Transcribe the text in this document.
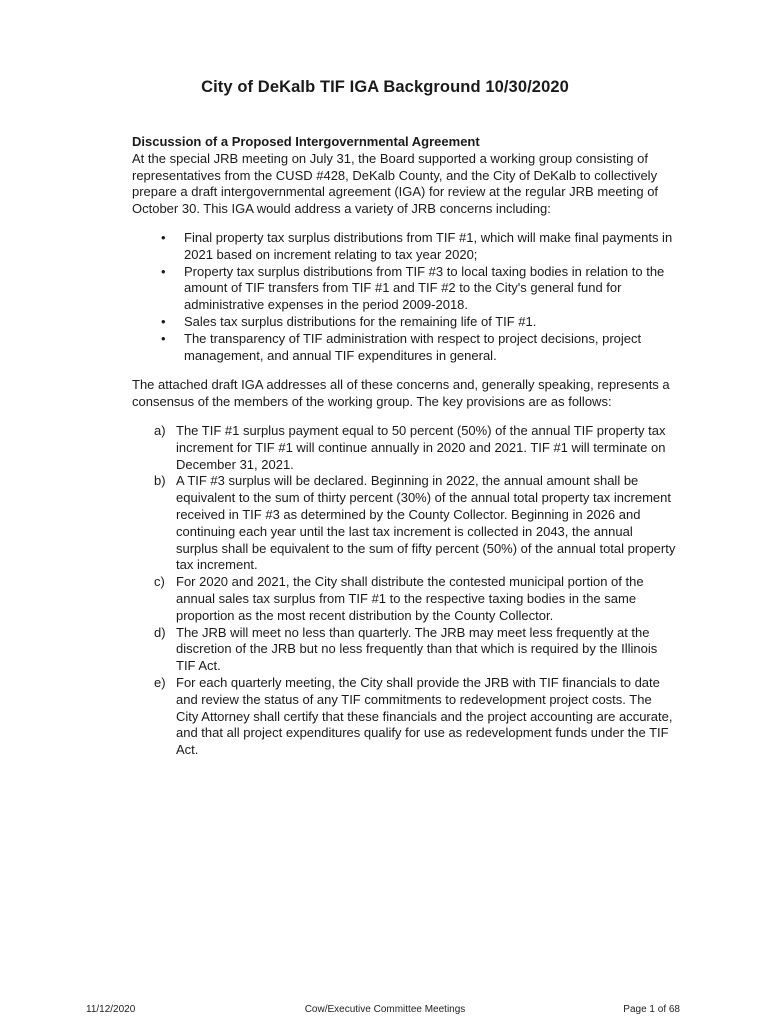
City of DeKalb TIF IGA Background 10/30/2020

Discussion of a Proposed Intergovernmental Agreement

At the special JRB meeting on July 31, the Board supported a working group consisting of representatives from the CUSD #428, DeKalb County, and the City of DeKalb to collectively prepare a draft intergovernmental agreement (IGA) for review at the regular JRB meeting of October 30. This IGA would address a variety of JRB concerns including:

• Final property tax surplus distributions from TIF #1, which will make final payments in 2021 based on increment relating to tax year 2020;
• Property tax surplus distributions from TIF #3 to local taxing bodies in relation to the amount of TIF transfers from TIF #1 and TIF #2 to the City's general fund for administrative expenses in the period 2009-2018.
• Sales tax surplus distributions for the remaining life of TIF #1.
• The transparency of TIF administration with respect to project decisions, project management, and annual TIF expenditures in general.

The attached draft IGA addresses all of these concerns and, generally speaking, represents a consensus of the members of the working group. The key provisions are as follows:

a) The TIF #1 surplus payment equal to 50 percent (50%) of the annual TIF property tax increment for TIF #1 will continue annually in 2020 and 2021. TIF #1 will terminate on December 31, 2021.
b) A TIF #3 surplus will be declared. Beginning in 2022, the annual amount shall be equivalent to the sum of thirty percent (30%) of the annual total property tax increment received in TIF #3 as determined by the County Collector. Beginning in 2026 and continuing each year until the last tax increment is collected in 2043, the annual surplus shall be equivalent to the sum of fifty percent (50%) of the annual total property tax increment.
c) For 2020 and 2021, the City shall distribute the contested municipal portion of the annual sales tax surplus from TIF #1 to the respective taxing bodies in the same proportion as the most recent distribution by the County Collector.
d) The JRB will meet no less than quarterly. The JRB may meet less frequently at the discretion of the JRB but no less frequently than that which is required by the Illinois TIF Act.
e) For each quarterly meeting, the City shall provide the JRB with TIF financials to date and review the status of any TIF commitments to redevelopment project costs. The City Attorney shall certify that these financials and the project accounting are accurate, and that all project expenditures qualify for use as redevelopment funds under the TIF Act.
11/12/2020	Cow/Executive Committee Meetings	Page 1 of 68
